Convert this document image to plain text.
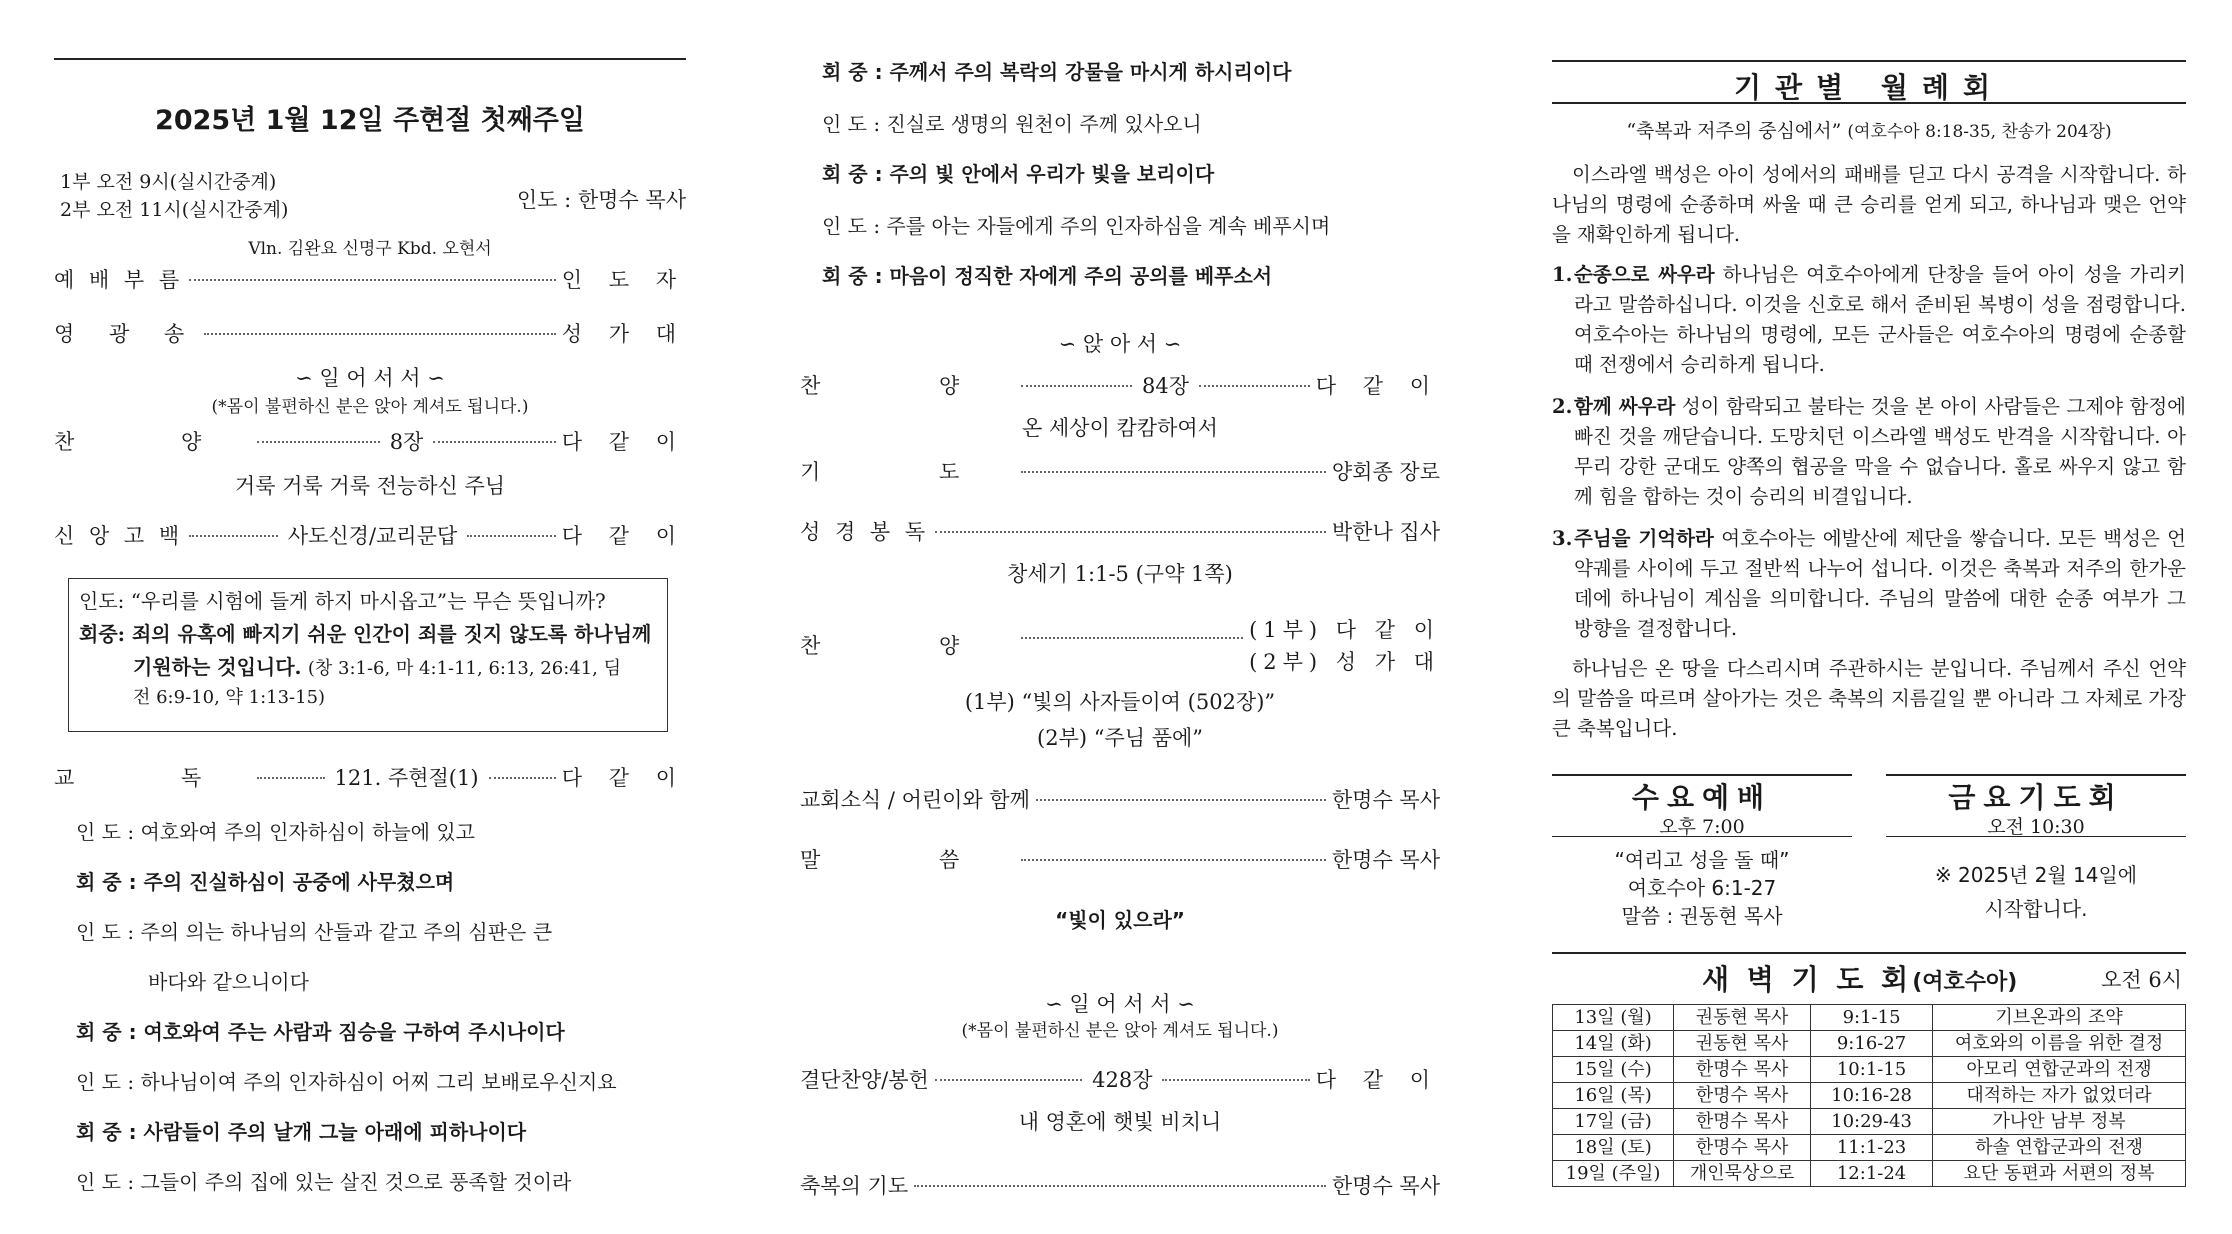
2025년 1월 12일 주현절 첫째주일
1부 오전 9시(실시간중계)
2부 오전 11시(실시간중계)	인도 : 한명수 목사
Vln. 김완요 신명구 Kbd. 오현서
예 배 부 름	인 도 자
영 광 송	성 가 대
∽ 일 어 서 서 ∽
(*몸이 불편하신 분은 앉아 계셔도 됩니다.)
찬 양	8장	다 같 이
거룩 거룩 거룩 전능하신 주님
신 앙 고 백	사도신경/교리문답	다 같 이
인도: “우리를 시험에 들게 하지 마시옵고”는 무슨 뜻입니까?
회중: 죄의 유혹에 빠지기 쉬운 인간이 죄를 짓지 않도록 하나님께
기원하는 것입니다. (창 3:1-6, 마 4:1-11, 6:13, 26:41, 딤
전 6:9-10, 약 1:13-15)
교 독	121. 주현절(1)	다 같 이
인 도 : 여호와여 주의 인자하심이 하늘에 있고
회 중 : 주의 진실하심이 공중에 사무쳤으며
인 도 : 주의 의는 하나님의 산들과 같고 주의 심판은 큰
바다와 같으니이다
회 중 : 여호와여 주는 사람과 짐승을 구하여 주시나이다
인 도 : 하나님이여 주의 인자하심이 어찌 그리 보배로우신지요
회 중 : 사람들이 주의 날개 그늘 아래에 피하나이다
인 도 : 그들이 주의 집에 있는 살진 것으로 풍족할 것이라
회 중 : 주께서 주의 복락의 강물을 마시게 하시리이다
인 도 : 진실로 생명의 원천이 주께 있사오니
회 중 : 주의 빛 안에서 우리가 빛을 보리이다
인 도 : 주를 아는 자들에게 주의 인자하심을 계속 베푸시며
회 중 : 마음이 정직한 자에게 주의 공의를 베푸소서
∽ 앉 아 서 ∽
찬 양	84장	다 같 이
온 세상이 캄캄하여서
기 도	양회종 장로
성 경 봉 독	박한나 집사
창세기 1:1-5 (구약 1쪽)
찬 양
(1부) 다 같 이
(2부) 성 가 대
(1부) “빛의 사자들이여 (502장)”
(2부) “주님 품에”
교회소식 / 어린이와 함께	한명수 목사
말 씀	한명수 목사
“빛이 있으라”
∽ 일 어 서 서 ∽
(*몸이 불편하신 분은 앉아 계셔도 됩니다.)
결단찬양/봉헌	428장	다 같 이
내 영혼에 햇빛 비치니
축복의 기도	한명수 목사
기관별 월례회
“축복과 저주의 중심에서” (여호수아 8:18-35, 찬송가 204장)
이스라엘 백성은 아이 성에서의 패배를 딛고 다시 공격을 시작합니다. 하나님의 명령에 순종하며 싸울 때 큰 승리를 얻게 되고, 하나님과 맺은 언약을 재확인하게 됩니다.
1. 순종으로 싸우라 하나님은 여호수아에게 단창을 들어 아이 성을 가리키라고 말씀하십니다. 이것을 신호로 해서 준비된 복병이 성을 점령합니다. 여호수아는 하나님의 명령에, 모든 군사들은 여호수아의 명령에 순종할 때 전쟁에서 승리하게 됩니다.
2. 함께 싸우라 성이 함락되고 불타는 것을 본 아이 사람들은 그제야 함정에 빠진 것을 깨닫습니다. 도망치던 이스라엘 백성도 반격을 시작합니다. 아무리 강한 군대도 양쪽의 협공을 막을 수 없습니다. 홀로 싸우지 않고 함께 힘을 합하는 것이 승리의 비결입니다.
3. 주님을 기억하라 여호수아는 에발산에 제단을 쌓습니다. 모든 백성은 언약궤를 사이에 두고 절반씩 나누어 섭니다. 이것은 축복과 저주의 한가운데에 하나님이 계심을 의미합니다. 주님의 말씀에 대한 순종 여부가 그 방향을 결정합니다.
하나님은 온 땅을 다스리시며 주관하시는 분입니다. 주님께서 주신 언약의 말씀을 따르며 살아가는 것은 축복의 지름길일 뿐 아니라 그 자체로 가장 큰 축복입니다.
수요예배
오후 7:00
“여리고 성을 돌 때”
여호수아 6:1-27
말씀 : 권동현 목사
금요기도회
오전 10:30
※ 2025년 2월 14일에
시작합니다.
새 벽 기 도 회(여호수아)	오전 6시
13일 (월)	권동현 목사	9:1-15	기브온과의 조약
14일 (화)	권동현 목사	9:16-27	여호와의 이름을 위한 결정
15일 (수)	한명수 목사	10:1-15	아모리 연합군과의 전쟁
16일 (목)	한명수 목사	10:16-28	대적하는 자가 없었더라
17일 (금)	한명수 목사	10:29-43	가나안 남부 정복
18일 (토)	한명수 목사	11:1-23	하솔 연합군과의 전쟁
19일 (주일)	개인묵상으로	12:1-24	요단 동편과 서편의 정복
